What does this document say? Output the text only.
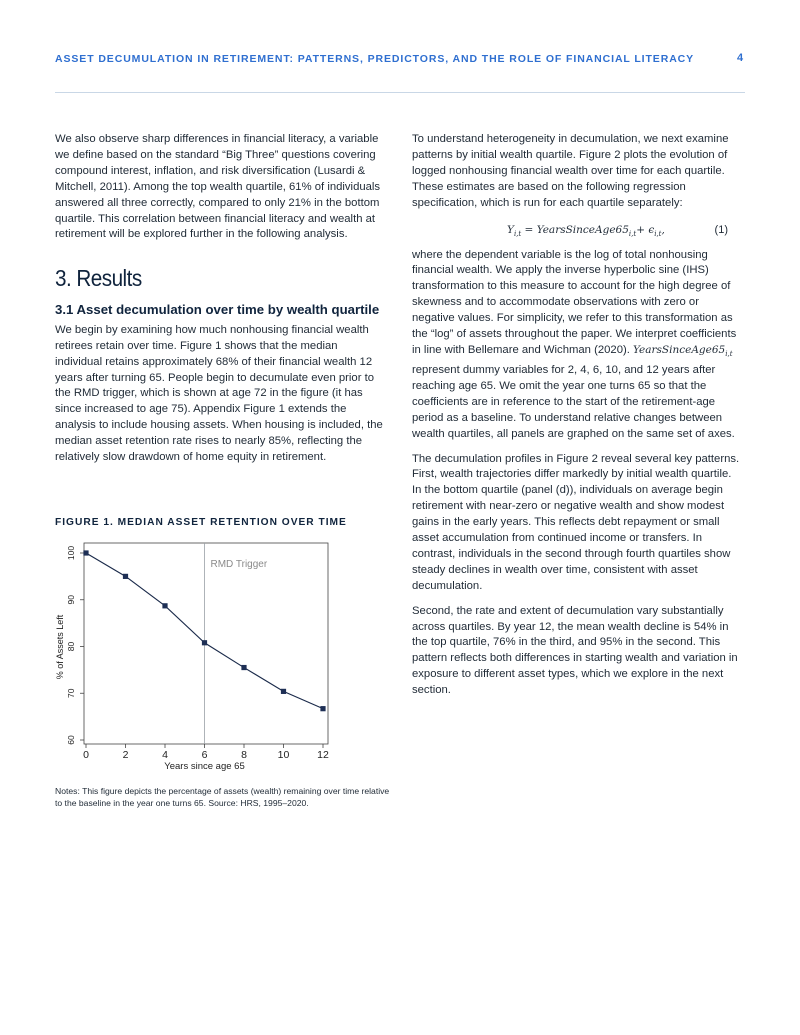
ASSET DECUMULATION IN RETIREMENT: PATTERNS, PREDICTORS, AND THE ROLE OF FINANCIAL LITERACY	4

We also observe sharp differences in financial literacy, a variable we define based on the standard “Big Three” questions covering compound interest, inflation, and risk diversification (Lusardi & Mitchell, 2011). Among the top wealth quartile, 61% of individuals answered all three correctly, compared to only 21% in the bottom quartile. This correlation between financial literacy and wealth at retirement will be explored further in the following analysis.

3. Results
3.1 Asset decumulation over time by wealth quartile

We begin by examining how much nonhousing financial wealth retirees retain over time. Figure 1 shows that the median individual retains approximately 68% of their financial wealth 12 years after turning 65. People begin to decumulate even prior to the RMD trigger, which is shown at age 72 in the figure (it has since increased to age 75). Appendix Figure 1 extends the analysis to include housing assets. When housing is included, the median asset retention rate rises to nearly 85%, reflecting the relatively slow drawdown of home equity in retirement.

FIGURE 1. MEDIAN ASSET RETENTION OVER TIME
RMD Trigger
0	2	4	6	8	10	12
60
70
80
90
100
Years since age 65
% of Assets Left
Notes: This figure depicts the percentage of assets (wealth) remaining over time relative to the baseline in the year one turns 65. Source: HRS, 1995–2020.

To understand heterogeneity in decumulation, we next examine patterns by initial wealth quartile. Figure 2 plots the evolution of logged nonhousing financial wealth over time for each quartile. These estimates are based on the following regression specification, which is run for each quartile separately:

$Y_{i,t}$ = $YearsSinceAge65_{i,t}+ \epsilon_{i,t}$,	(1)

where the dependent variable is the log of total nonhousing financial wealth. We apply the inverse hyperbolic sine (IHS) transformation to this measure to account for the high degree of skewness and to accommodate observations with zero or negative values. For simplicity, we refer to this transformation as the “log” of assets throughout the paper. We interpret coefficients in line with Bellemare and Wichman (2020). $YearsSinceAge65_{i,t}$ represent dummy variables for 2, 4, 6, 10, and 12 years after reaching age 65. We omit the year one turns 65 so that the coefficients are in reference to the start of the retirement-age period as a baseline. To understand relative changes between wealth quartiles, all panels are graphed on the same set of axes.

The decumulation profiles in Figure 2 reveal several key patterns. First, wealth trajectories differ markedly by initial wealth quartile. In the bottom quartile (panel (d)), individuals on average begin retirement with near-zero or negative wealth and show modest gains in the early years. This reflects debt repayment or small asset accumulation from continued income or transfers. In contrast, individuals in the second through fourth quartiles show steady declines in wealth over time, consistent with asset decumulation.

Second, the rate and extent of decumulation vary substantially across quartiles. By year 12, the mean wealth decline is 54% in the top quartile, 76% in the third, and 95% in the second. This pattern reflects both differences in starting wealth and variation in exposure to different asset types, which we explore in the next section.
